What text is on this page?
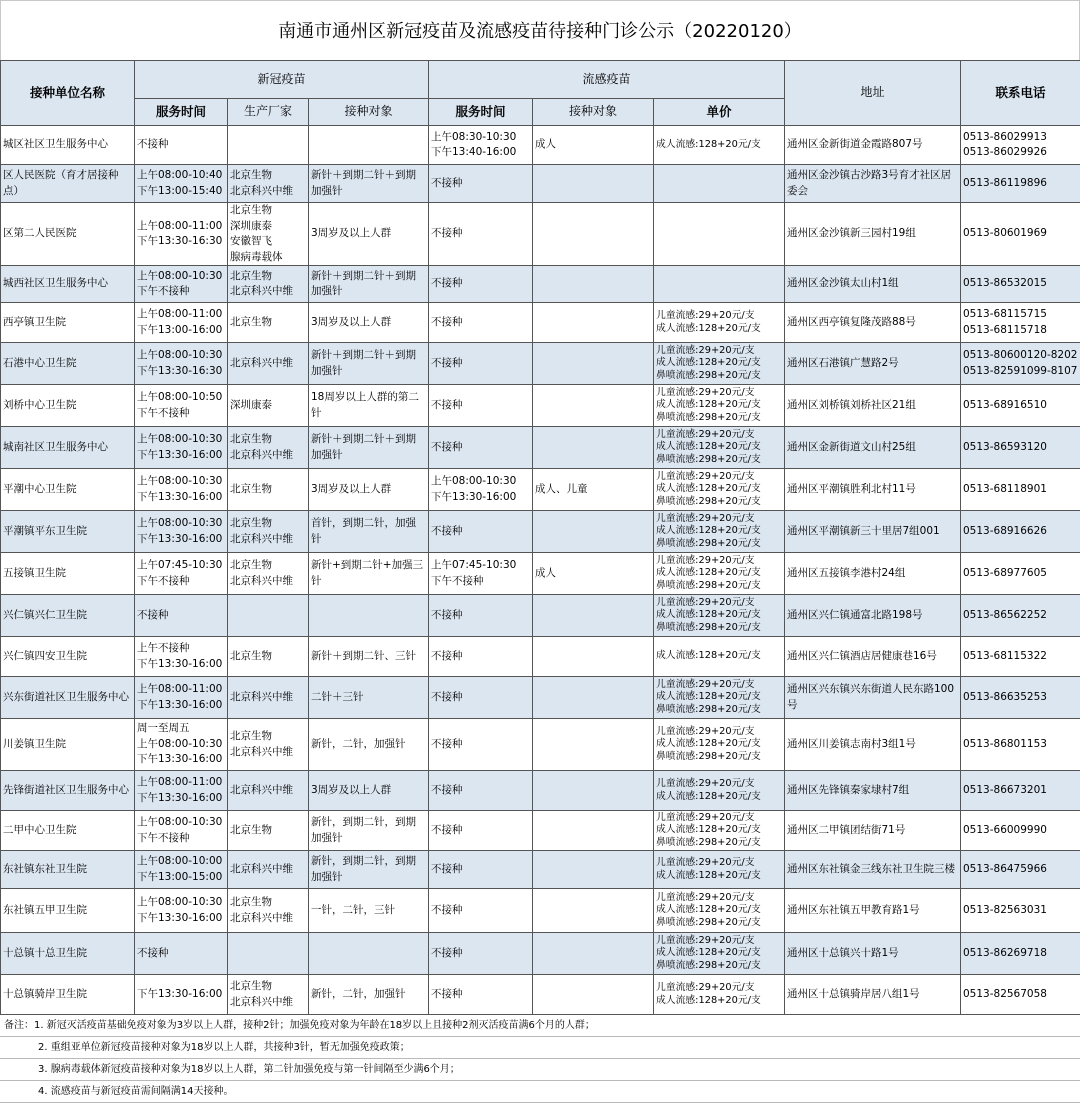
南通市通州区新冠疫苗及流感疫苗待接种门诊公示（20220120）
接种单位名称	新冠疫苗			流感疫苗			地址	联系电话
	服务时间	生产厂家	接种对象	服务时间	接种对象	单价		
城区社区卫生服务中心	不接种			上午08:30-10:30
下午13:40-16:00	成人	成人流感:128+20元/支	通州区金新街道金霞路807号	0513-86029913
0513-86029926
区人民医院（育才居接种点）	上午08:00-10:40
下午13:00-15:40	北京生物
北京科兴中维	新针＋到期二针＋到期加强针	不接种			通州区金沙镇古沙路3号育才社区居委会	0513-86119896
区第二人民医院	上午08:00-11:00下午13:30-16:30	北京生物
深圳康泰
安徽智飞
腺病毒载体	3周岁及以上人群	不接种			通州区金沙镇新三园村19组	0513-80601969
城西社区卫生服务中心	上午08:00-10:30
下午不接种	北京生物
北京科兴中维	新针＋到期二针＋到期加强针	不接种			通州区金沙镇太山村1组	0513-86532015
西亭镇卫生院	上午08:00-11:00
下午13:00-16:00	北京生物	3周岁及以上人群	不接种		儿童流感:29+20元/支
成人流感:128+20元/支	通州区西亭镇复隆茂路88号	0513-68115715
0513-68115718
石港中心卫生院	上午08:00-10:30
下午13:30-16:30	北京科兴中维	新针＋到期二针＋到期加强针	不接种		儿童流感:29+20元/支
成人流感:128+20元/支
鼻喷流感:298+20元/支	通州区石港镇广慧路2号	0513-80600120-8202
0513-82591099-8107
刘桥中心卫生院	上午08:00-10:50
下午不接种	深圳康泰	18周岁以上人群的第二针	不接种		儿童流感:29+20元/支
成人流感:128+20元/支
鼻喷流感:298+20元/支	通州区刘桥镇刘桥社区21组	0513-68916510
城南社区卫生服务中心	上午08:00-10:30
下午13:30-16:00	北京生物
北京科兴中维	新针＋到期二针＋到期加强针	不接种		儿童流感:29+20元/支
成人流感:128+20元/支
鼻喷流感:298+20元/支	通州区金新街道文山村25组	0513-86593120
平潮中心卫生院	上午08:00-10:30
下午13:30-16:00	北京生物	3周岁及以上人群	上午08:00-10:30
下午13:30-16:00	成人、儿童	儿童流感:29+20元/支
成人流感:128+20元/支
鼻喷流感:298+20元/支	通州区平潮镇胜利北村11号	0513-68118901
平潮镇平东卫生院	上午08:00-10:30
下午13:30-16:00	北京生物
北京科兴中维	首针，到期二针，加强针	不接种		儿童流感:29+20元/支
成人流感:128+20元/支
鼻喷流感:298+20元/支	通州区平潮镇新三十里居7组001	0513-68916626
五接镇卫生院	上午07:45-10:30
下午不接种	北京生物
北京科兴中维	新针+到期二针+加强三针	上午07:45-10:30
下午不接种	成人	儿童流感:29+20元/支
成人流感:128+20元/支
鼻喷流感:298+20元/支	通州区五接镇李港村24组	0513-68977605
兴仁镇兴仁卫生院	不接种			不接种		儿童流感:29+20元/支
成人流感:128+20元/支
鼻喷流感:298+20元/支	通州区兴仁镇通富北路198号	0513-86562252
兴仁镇四安卫生院	上午不接种
下午13:30-16:00	北京生物	新针＋到期二针、三针	不接种		成人流感:128+20元/支	通州区兴仁镇酒店居健康巷16号	0513-68115322
兴东街道社区卫生服务中心	上午08:00-11:00
下午13:30-16:00	北京科兴中维	二针＋三针	不接种		儿童流感:29+20元/支
成人流感:128+20元/支
鼻喷流感:298+20元/支	通州区兴东镇兴东街道人民东路100号	0513-86635253
川姜镇卫生院	周一至周五
上午08:00-10:30
下午13:30-16:00	北京生物
北京科兴中维	新针，二针，加强针	不接种		儿童流感:29+20元/支
成人流感:128+20元/支
鼻喷流感:298+20元/支	通州区川姜镇志南村3组1号	0513-86801153
先锋街道社区卫生服务中心	上午08:00-11:00
下午13:30-16:00	北京科兴中维	3周岁及以上人群	不接种		儿童流感:29+20元/支
成人流感:128+20元/支	通州区先锋镇秦家埭村7组	0513-86673201
二甲中心卫生院	上午08:00-10:30
下午不接种	北京生物	新针，到期二针，到期加强针	不接种		儿童流感:29+20元/支
成人流感:128+20元/支
鼻喷流感:298+20元/支	通州区二甲镇团结街71号	0513-66009990
东社镇东社卫生院	上午08:00-10:00
下午13:00-15:00	北京科兴中维	新针，到期二针，到期加强针	不接种		儿童流感:29+20元/支
成人流感:128+20元/支	通州区东社镇金三线东社卫生院三楼	0513-86475966
东社镇五甲卫生院	上午08:00-10:30
下午13:30-16:00	北京生物
北京科兴中维	一针，二针，三针	不接种		儿童流感:29+20元/支
成人流感:128+20元/支
鼻喷流感:298+20元/支	通州区东社镇五甲教育路1号	0513-82563031
十总镇十总卫生院	不接种			不接种		儿童流感:29+20元/支
成人流感:128+20元/支
鼻喷流感:298+20元/支	通州区十总镇兴十路1号	0513-86269718
十总镇骑岸卫生院	下午13:30-16:00	北京生物
北京科兴中维	新针，二针，加强针	不接种		儿童流感:29+20元/支
成人流感:128+20元/支	通州区十总镇骑岸居八组1号	0513-82567058
备注：1. 新冠灭活疫苗基础免疫对象为3岁以上人群，接种2针；加强免疫对象为年龄在18岁以上且接种2剂灭活疫苗满6个月的人群；
2. 重组亚单位新冠疫苗接种对象为18岁以上人群，共接种3针，暂无加强免疫政策；
3. 腺病毒载体新冠疫苗接种对象为18岁以上人群，第二针加强免疫与第一针间隔至少满6个月；
4. 流感疫苗与新冠疫苗需间隔满14天接种。
